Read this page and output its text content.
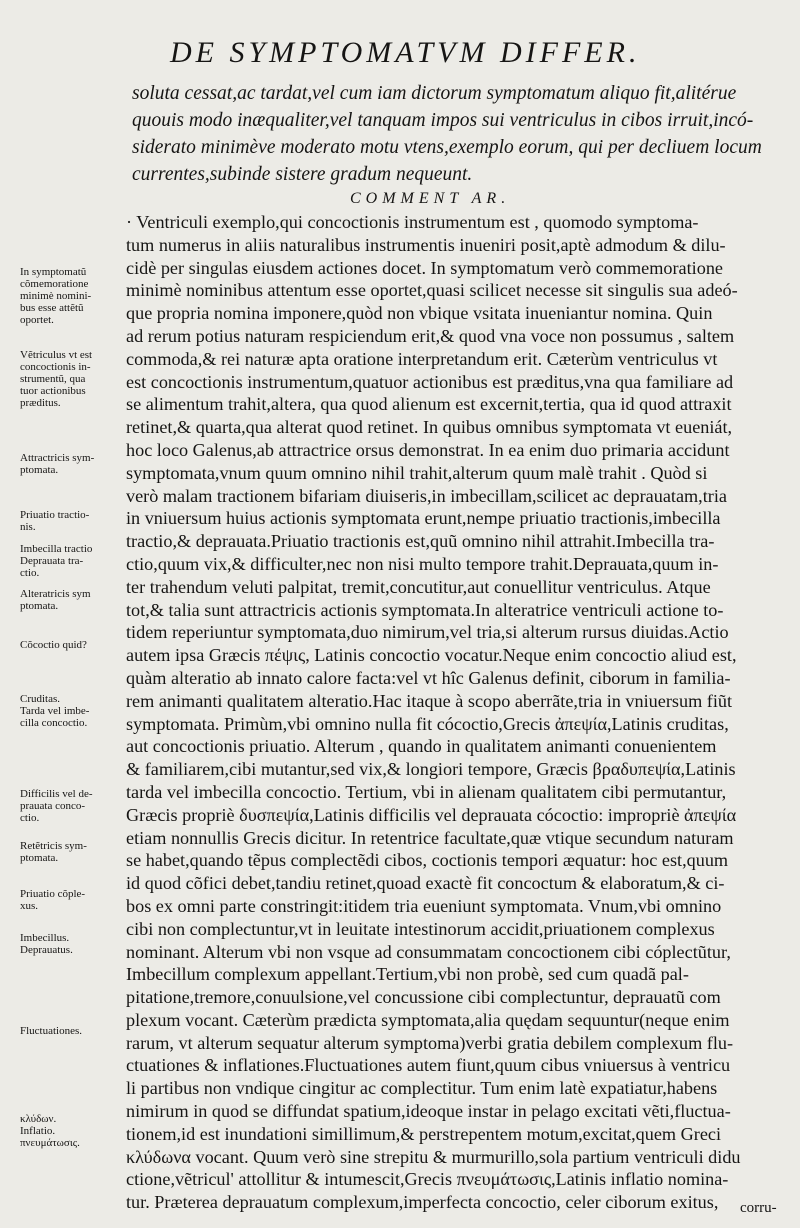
DE SYMPTOMATVM DIFFER.
soluta cessat,ac tardat,vel cum iam dictorum symptomatum aliquo fit,alitérue
quouis modo inæqualiter,vel tanquam impos sui ventriculus in cibos irruit,incó-
siderato minimève moderato motu vtens,exemplo eorum, qui per decliuem locum
currentes,subinde sistere gradum nequeunt.
COMMENT AR.
· Ventriculi exemplo,qui concoctionis instrumentum est , quomodo symptoma-
tum numerus in aliis naturalibus instrumentis inueniri posit,aptè admodum & dilu-
cidè per singulas eiusdem actiones docet. In symptomatum verò commemoratione
minimè nominibus attentum esse oportet,quasi scilicet necesse sit singulis sua adeó-
que propria nomina imponere,quòd non vbique vsitata inueniantur nomina. Quin
ad rerum potius naturam respiciendum erit,& quod vna voce non possumus , saltem
commoda,& rei naturæ apta oratione interpretandum erit. Cæterùm ventriculus vt
est concoctionis instrumentum,quatuor actionibus est præditus,vna qua familiare ad
se alimentum trahit,altera, qua quod alienum est excernit,tertia, qua id quod attraxit
retinet,& quarta,qua alterat quod retinet. In quibus omnibus symptomata vt eueniát,
hoc loco Galenus,ab attractrice orsus demonstrat. In ea enim duo primaria accidunt
symptomata,vnum quum omnino nihil trahit,alterum quum malè trahit . Quòd si
verò malam tractionem bifariam diuiseris,in imbecillam,scilicet ac deprauatam,tria
in vniuersum huius actionis symptomata erunt,nempe priuatio tractionis,imbecilla
tractio,& deprauata.Priuatio tractionis est,quũ omnino nihil attrahit.Imbecilla tra-
ctio,quum vix,& difficulter,nec non nisi multo tempore trahit.Deprauata,quum in-
ter trahendum veluti palpitat, tremit,concutitur,aut conuellitur ventriculus. Atque
tot,& talia sunt attractricis actionis symptomata.In alteratrice ventriculi actione to-
tidem reperiuntur symptomata,duo nimirum,vel tria,si alterum rursus diuidas.Actio
autem ipsa Græcis πέψις, Latinis concoctio vocatur.Neque enim concoctio aliud est,
quàm alteratio ab innato calore facta:vel vt hîc Galenus definit, ciborum in familia-
rem animanti qualitatem alteratio.Hac itaque à scopo aberrãte,tria in vniuersum fiũt
symptomata. Primùm,vbi omnino nulla fit cócoctio,Grecis ἀπεψία,Latinis cruditas,
aut concoctionis priuatio. Alterum , quando in qualitatem animanti conuenientem
& familiarem,cibi mutantur,sed vix,& longiori tempore, Græcis βραδυπεψία,Latinis
tarda vel imbecilla concoctio. Tertium, vbi in alienam qualitatem cibi permutantur,
Græcis propriè δυσπεψία,Latinis difficilis vel deprauata cócoctio: impropriè ἀπεψία
etiam nonnullis Grecis dicitur. In retentrice facultate,quæ vtique secundum naturam
se habet,quando tẽpus complectẽdi cibos, coctionis tempori æquatur: hoc est,quum
id quod cõfici debet,tandiu retinet,quoad exactè fit concoctum & elaboratum,& ci-
bos ex omni parte constringit:itidem tria eueniunt symptomata. Vnum,vbi omnino
cibi non complectuntur,vt in leuitate intestinorum accidit,priuationem complexus
nominant. Alterum vbi non vsque ad consummatam concoctionem cibi cóplectũtur,
Imbecillum complexum appellant.Tertium,vbi non probè, sed cum quadã pal-
pitatione,tremore,conuulsione,vel concussione cibi complectuntur, deprauatũ com
plexum vocant. Cæterùm prædicta symptomata,alia quędam sequuntur(neque enim
rarum, vt alterum sequatur alterum symptoma)verbi gratia debilem complexum flu-
ctuationes & inflationes.Fluctuationes autem fiunt,quum cibus vniuersus à ventricu
li partibus non vndique cingitur ac complectitur. Tum enim latè expatiatur,habens
nimirum in quod se diffundat spatium,ideoque instar in pelago excitati vẽti,fluctua-
tionem,id est inundationi simillimum,& perstrepentem motum,excitat,quem Greci
κλύδωνα vocant. Quum verò sine strepitu & murmurillo,sola partium ventriculi didu
ctione,vẽtricul' attollitur & intumescit,Grecis πνευμάτωσις,Latinis inflatio nomina-
tur. Præterea deprauatum complexum,imperfecta concoctio, celer ciborum exitus,
In symptomatũ
cõmemoratione
minimè nomini-
bus esse attẽtũ
oportet.
Vẽtriculus vt est
concoctionis in-
strumentũ, qua
tuor actionibus
præditus.
Attractricis sym-
ptomata.
Priuatio tractio-
nis.
Imbecilla tractio
Deprauata tra-
ctio.
Alteratricis sym
ptomata.
Cõcoctio quid?
Cruditas.
Tarda vel imbe-
cilla concoctio.
Difficilis vel de-
prauata conco-
ctio.
Retẽtricis sym-
ptomata.
Priuatio cõple-
xus.
Imbecillus.
Deprauatus.
Fluctuationes.
κλύδων.
Inflatio.
πνευμάτωσις.
corru-
